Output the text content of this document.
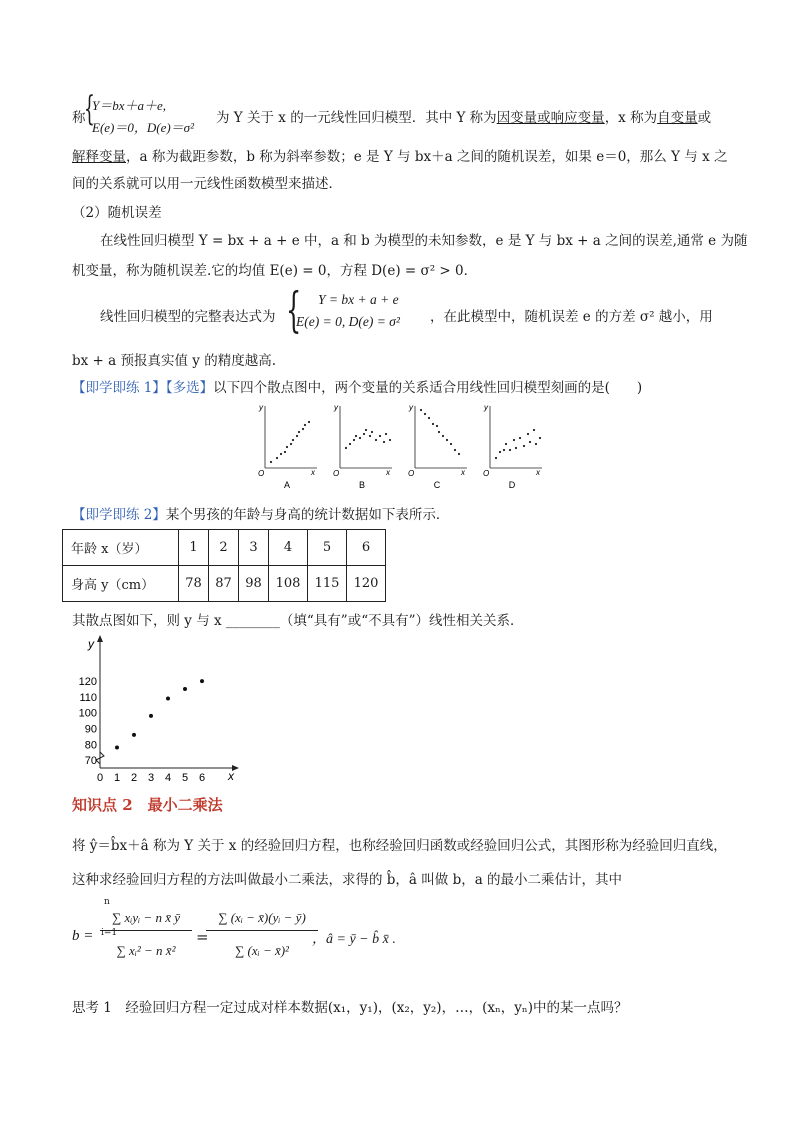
称
{
Y＝bx＋a＋e,
E(e)＝0，D(e)＝σ²
为 Y 关于 x 的一元线性回归模型．其中 Y 称为因变量或响应变量，x 称为自变量或
解释变量，a 称为截距参数，b 称为斜率参数；e 是 Y 与 bx＋a 之间的随机误差，如果 e＝0，那么 Y 与 x 之
间的关系就可以用一元线性函数模型来描述．
（2）随机误差
在线性回归模型 Y = bx + a + e 中，a 和 b 为模型的未知参数，e 是 Y 与 bx + a 之间的误差,通常 e 为随
机变量，称为随机误差.它的均值 E(e) = 0，方程 D(e) = σ² > 0．
线性回归模型的完整表达式为 { Y = bx + a + e
E(e) = 0, D(e) = σ² ，在此模型中，随机误差 e 的方差 σ² 越小，用
bx + a 预报真实值 y 的精度越高.
【即学即练 1】【多选】以下四个散点图中，两个变量的关系适合用线性回归模型刻画的是(　　)
y
x
O
A
y
x
O
B
y
x
O
C
y
x
O
D
【即学即练 2】某个男孩的年龄与身高的统计数据如下表所示．
年龄 x（岁）	1	2	3	4	5	6
身高 y（cm）	78	87	98	108	115	120
其散点图如下，则 y 与 x ________（填“具有”或“不具有”）线性相关关系．
y
x
0 1 2 3 4 5 6
70
80
90
100
110
120
知识点 2　最小二乘法
将 ŷ＝b̂x＋â 称为 Y 关于 x 的经验回归方程，也称经验回归函数或经验回归公式，其图形称为经验回归直线，
这种求经验回归方程的方法叫做最小二乘法，求得的 b̂，â 叫做 b，a 的最小二乘估计，其中
b =
∑ xᵢyᵢ − n x̄ ȳ
∑ xᵢ² − n x̄²
=
∑ (xᵢ − x̄)(yᵢ − ȳ)
∑ (xᵢ − x̄)²
n
i=1	，â = ȳ − b̂ x̄ .
思考 1　经验回归方程一定过成对样本数据(x₁，y₁)，(x₂，y₂)，…，(xₙ，yₙ)中的某一点吗？
